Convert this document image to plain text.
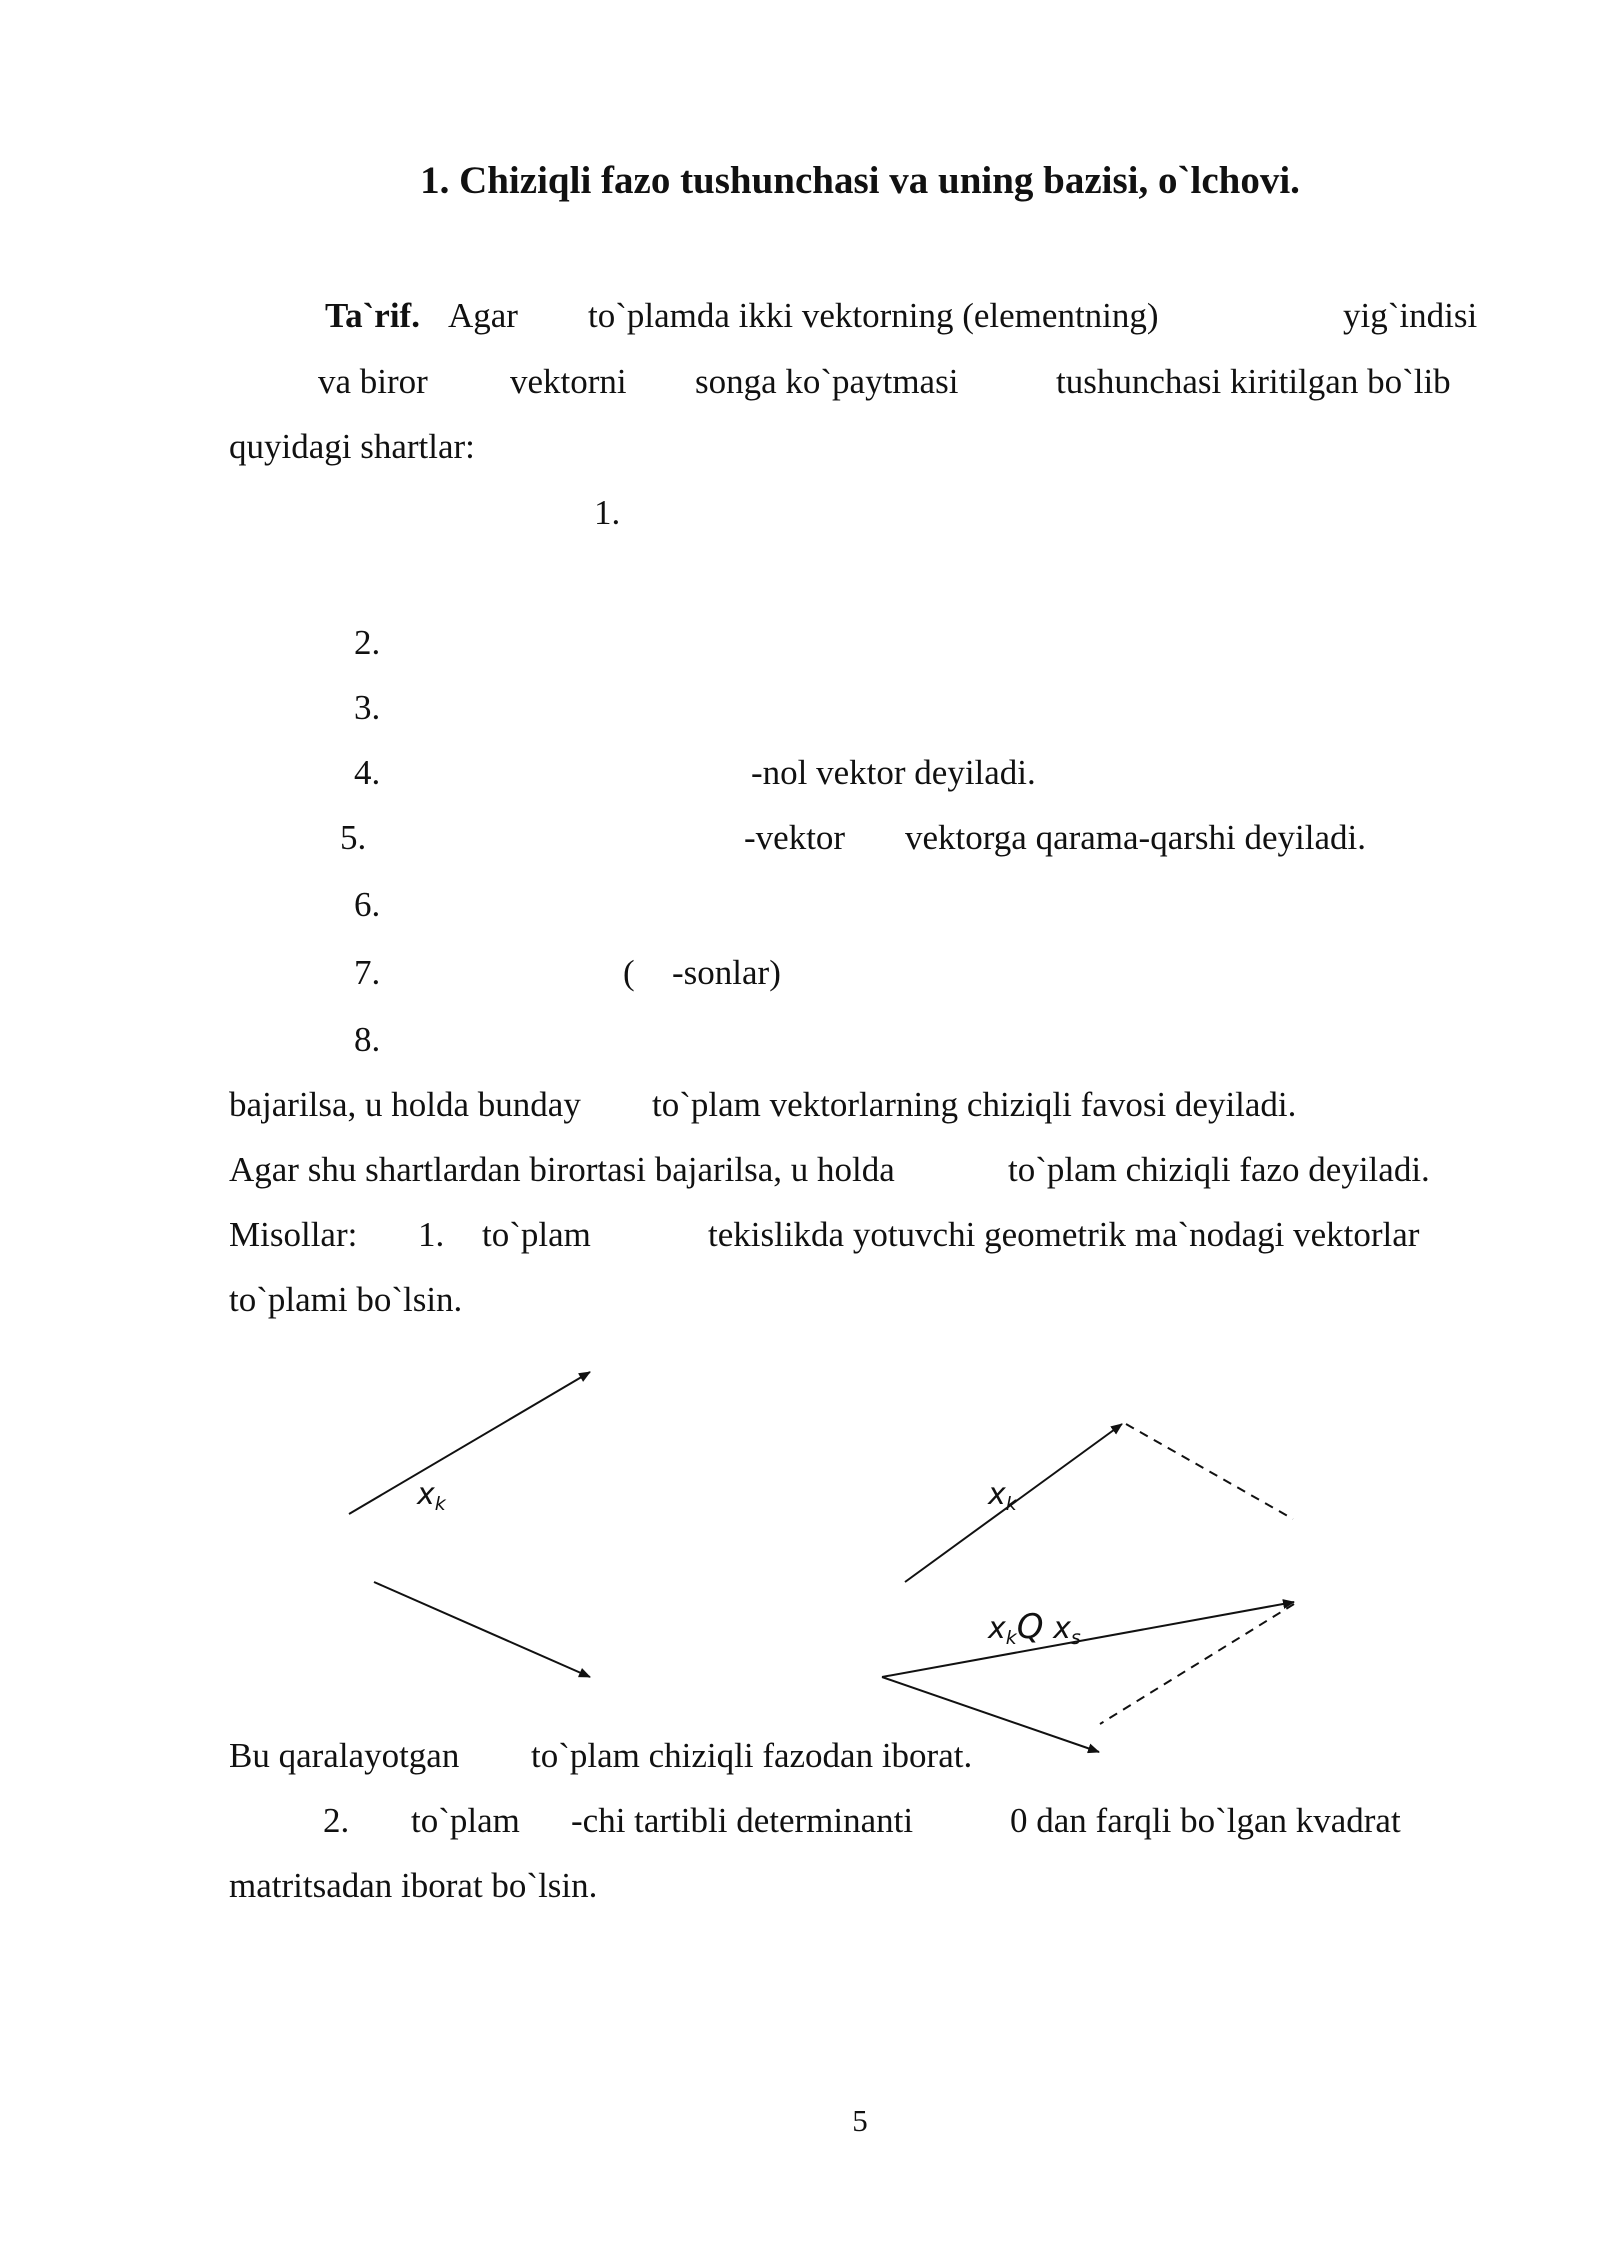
1. Chiziqli fazo tushunchasi va uning bazisi, o`lchovi.
Ta`rif. Agar to`plamda ikki vektorning (elementning)	yig`indisi
va biror vektorni songa ko`paytmasi	tushunchasi kiritilgan bo`lib
quyidagi shartlar:
1.
2.
3.
4.	-nol vektor deyiladi.
5.	-vektor vektorga qarama-qarshi deyiladi.
6.
7.	( -sonlar)
8.
bajarilsa, u holda bunday to`plam vektorlarning chiziqli favosi deyiladi.
Agar shu shartlardan birortasi bajarilsa, u holda	to`plam chiziqli fazo deyiladi.
Misollar: 1. to`plam	tekislikda yotuvchi geometrik ma`nodagi vektorlar
to`plami bo`lsin.
$x_k$	$x_k$
$x_kQ$ $x_s$
Bu qaralayotgan to`plam chiziqli fazodan iborat.
2. to`plam -chi tartibli determinanti	0 dan farqli bo`lgan kvadrat
matritsadan iborat bo`lsin.
5
